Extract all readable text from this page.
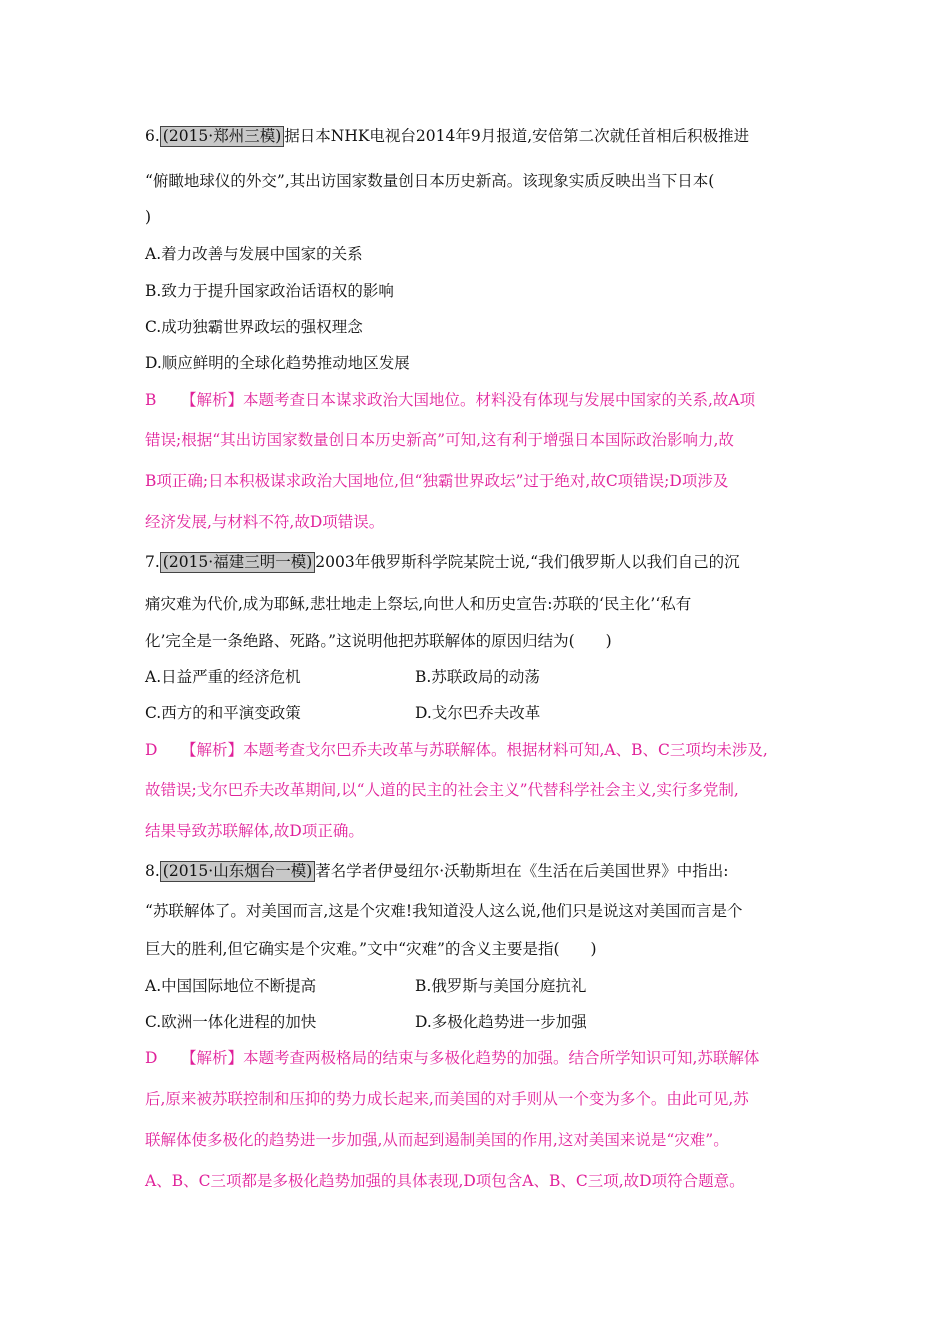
6. (2015·郑州三模) 据日本NHK电视台2014年9月报道,安倍第二次就任首相后积极推进
“俯瞰地球仪的外交”,其出访国家数量创日本历史新高。该现象实质反映出当下日本(
)
A.着力改善与发展中国家的关系
B.致力于提升国家政治话语权的影响
C.成功独霸世界政坛的强权理念
D.顺应鲜明的全球化趋势推动地区发展
B 【解析】本题考查日本谋求政治大国地位。材料没有体现与发展中国家的关系,故A项
错误;根据“其出访国家数量创日本历史新高”可知,这有利于增强日本国际政治影响力,故
B项正确;日本积极谋求政治大国地位,但“独霸世界政坛”过于绝对,故C项错误;D项涉及
经济发展,与材料不符,故D项错误。
7. (2015·福建三明一模) 2003年俄罗斯科学院某院士说,“我们俄罗斯人以我们自己的沉
痛灾难为代价,成为耶稣,悲壮地走上祭坛,向世人和历史宣告:苏联的‘民主化’‘私有
化’完全是一条绝路、死路。”这说明他把苏联解体的原因归结为(　　)
A.日益严重的经济危机	B.苏联政局的动荡
C.西方的和平演变政策	D.戈尔巴乔夫改革
D 【解析】本题考查戈尔巴乔夫改革与苏联解体。根据材料可知,A、B、C三项均未涉及,
故错误;戈尔巴乔夫改革期间,以“人道的民主的社会主义”代替科学社会主义,实行多党制,
结果导致苏联解体,故D项正确。
8. (2015·山东烟台一模) 著名学者伊曼纽尔·沃勒斯坦在《生活在后美国世界》中指出:
“苏联解体了。对美国而言,这是个灾难!我知道没人这么说,他们只是说这对美国而言是个
巨大的胜利,但它确实是个灾难。”文中“灾难”的含义主要是指(　　)
A.中国国际地位不断提高	B.俄罗斯与美国分庭抗礼
C.欧洲一体化进程的加快	D.多极化趋势进一步加强
D 【解析】本题考查两极格局的结束与多极化趋势的加强。结合所学知识可知,苏联解体
后,原来被苏联控制和压抑的势力成长起来,而美国的对手则从一个变为多个。由此可见,苏
联解体使多极化的趋势进一步加强,从而起到遏制美国的作用,这对美国来说是“灾难”。
A、B、C三项都是多极化趋势加强的具体表现,D项包含A、B、C三项,故D项符合题意。
